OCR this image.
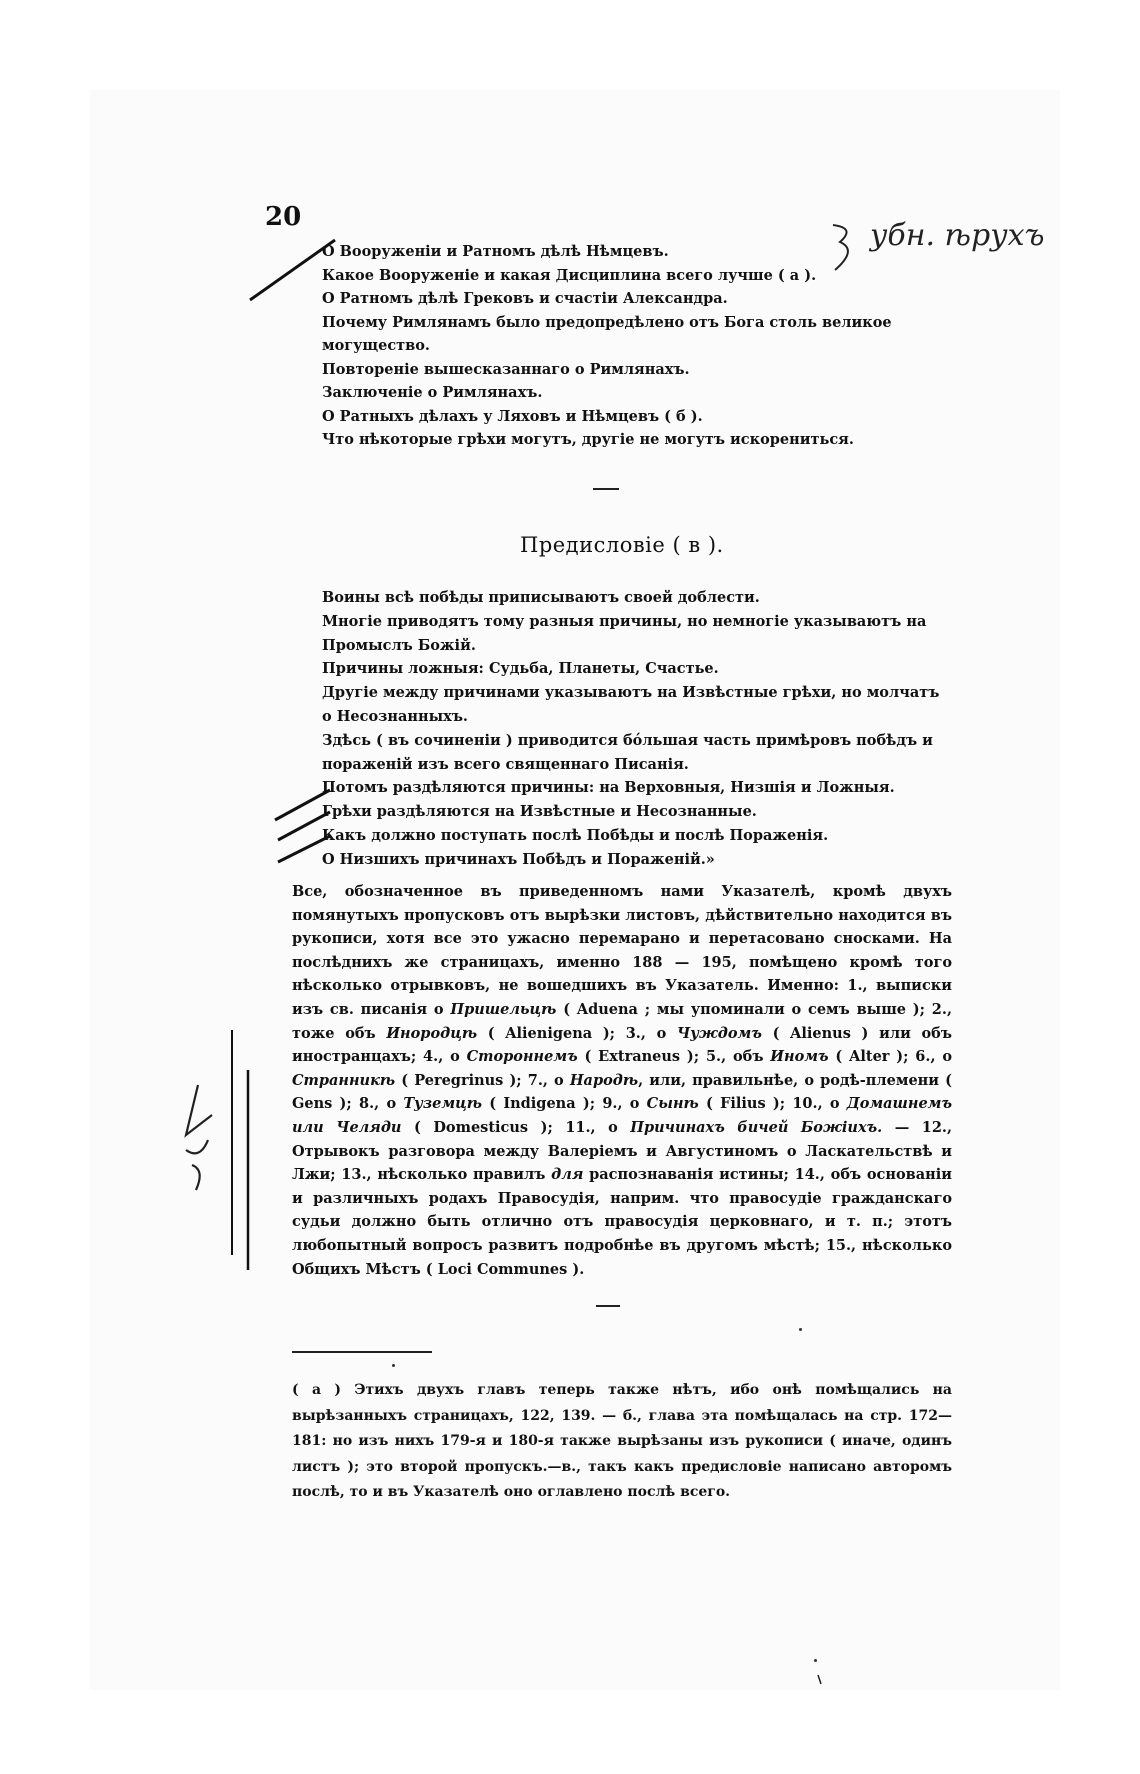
20
О Вооруженіи и Ратномъ дѣлѣ Нѣмцевъ.
Какое Вооруженіе и какая Дисциплина всего лучше ( а ).
О Ратномъ дѣлѣ Грековъ и счастіи Александра.
Почему Римлянамъ было предопредѣлено отъ Бога столь великое могущество.
Повтореніе вышесказаннаго о Римлянахъ.
Заключеніе о Римлянахъ.
О Ратныхъ дѣлахъ у Ляховъ и Нѣмцевъ ( б ).
Что нѣкоторые грѣхи могутъ, другіе не могутъ искорениться.
убн. ѣрухъ
Предисловіе ( в ).
Воины всѣ побѣды приписываютъ своей доблести.
Многіе приводятъ тому разныя причины, но немногіе указываютъ на Промыслъ Божій.
Причины ложныя: Судьба, Планеты, Счастье.
Другіе между причинами указываютъ на Извѣстные грѣхи, но молчатъ о Несознанныхъ.
Здѣсь ( въ сочиненіи ) приводится бóльшая часть примѣровъ побѣдъ и пораженій изъ всего священнаго Писанія.
Потомъ раздѣляются причины: на Верховныя, Низшія и Ложныя.
Грѣхи раздѣляются на Извѣстные и Несознанные.
Какъ должно поступать послѣ Побѣды и послѣ Пораженія.
О Низшихъ причинахъ Побѣдъ и Пораженій.»
Все, обозначенное въ приведенномъ нами Указателѣ, кромѣ двухъ помянутыхъ пропусковъ отъ вырѣзки листовъ, дѣйствительно находится въ рукописи, хотя все это ужасно перемарано и перетасовано сносками. На послѣднихъ же страницахъ, именно 188 — 195, помѣщено кромѣ того нѣсколько отрывковъ, не вошедшихъ въ Указатель. Именно: 1., выписки изъ св. писанія о Пришельцѣ ( Aduena ; мы упоминали о семъ выше ); 2., тоже объ Инородцѣ ( Alienigena ); 3., о Чуждомъ ( Alienus ) или объ иностранцахъ; 4., о Стороннемъ ( Extraneus ); 5., объ Иномъ ( Alter ); 6., о Странникѣ ( Peregrinus ); 7., о Народѣ, или, правильнѣе, о родѣ-племени ( Gens ); 8., о Туземцѣ ( Indigena ); 9., о Сынѣ ( Filius ); 10., о Домашнемъ или Челяди ( Domesticus ); 11., о Причинахъ бичей Божіихъ. — 12., Отрывокъ разговора между Валеріемъ и Августиномъ о Ласкательствѣ и Лжи; 13., нѣсколько правилъ для распознаванія истины; 14., объ основаніи и различныхъ родахъ Правосудія, наприм. что правосудіе гражданскаго судьи должно быть отлично отъ правосудія церковнаго, и т. п.; этотъ любопытный вопросъ развитъ подробнѣе въ другомъ мѣстѣ; 15., нѣсколько Общихъ Мѣстъ ( Loci Communes ).
( а ) Этихъ двухъ главъ теперь также нѣтъ, ибо онѣ помѣщались на вырѣзанныхъ страницахъ, 122, 139. — б., глава эта помѣщалась на стр. 172—181: но изъ нихъ 179-я и 180-я также вырѣзаны изъ рукописи ( иначе, одинъ листъ ); это второй пропускъ.—в., такъ какъ предисловіе написано авторомъ послѣ, то и въ Указателѣ оно оглавлено послѣ всего.
